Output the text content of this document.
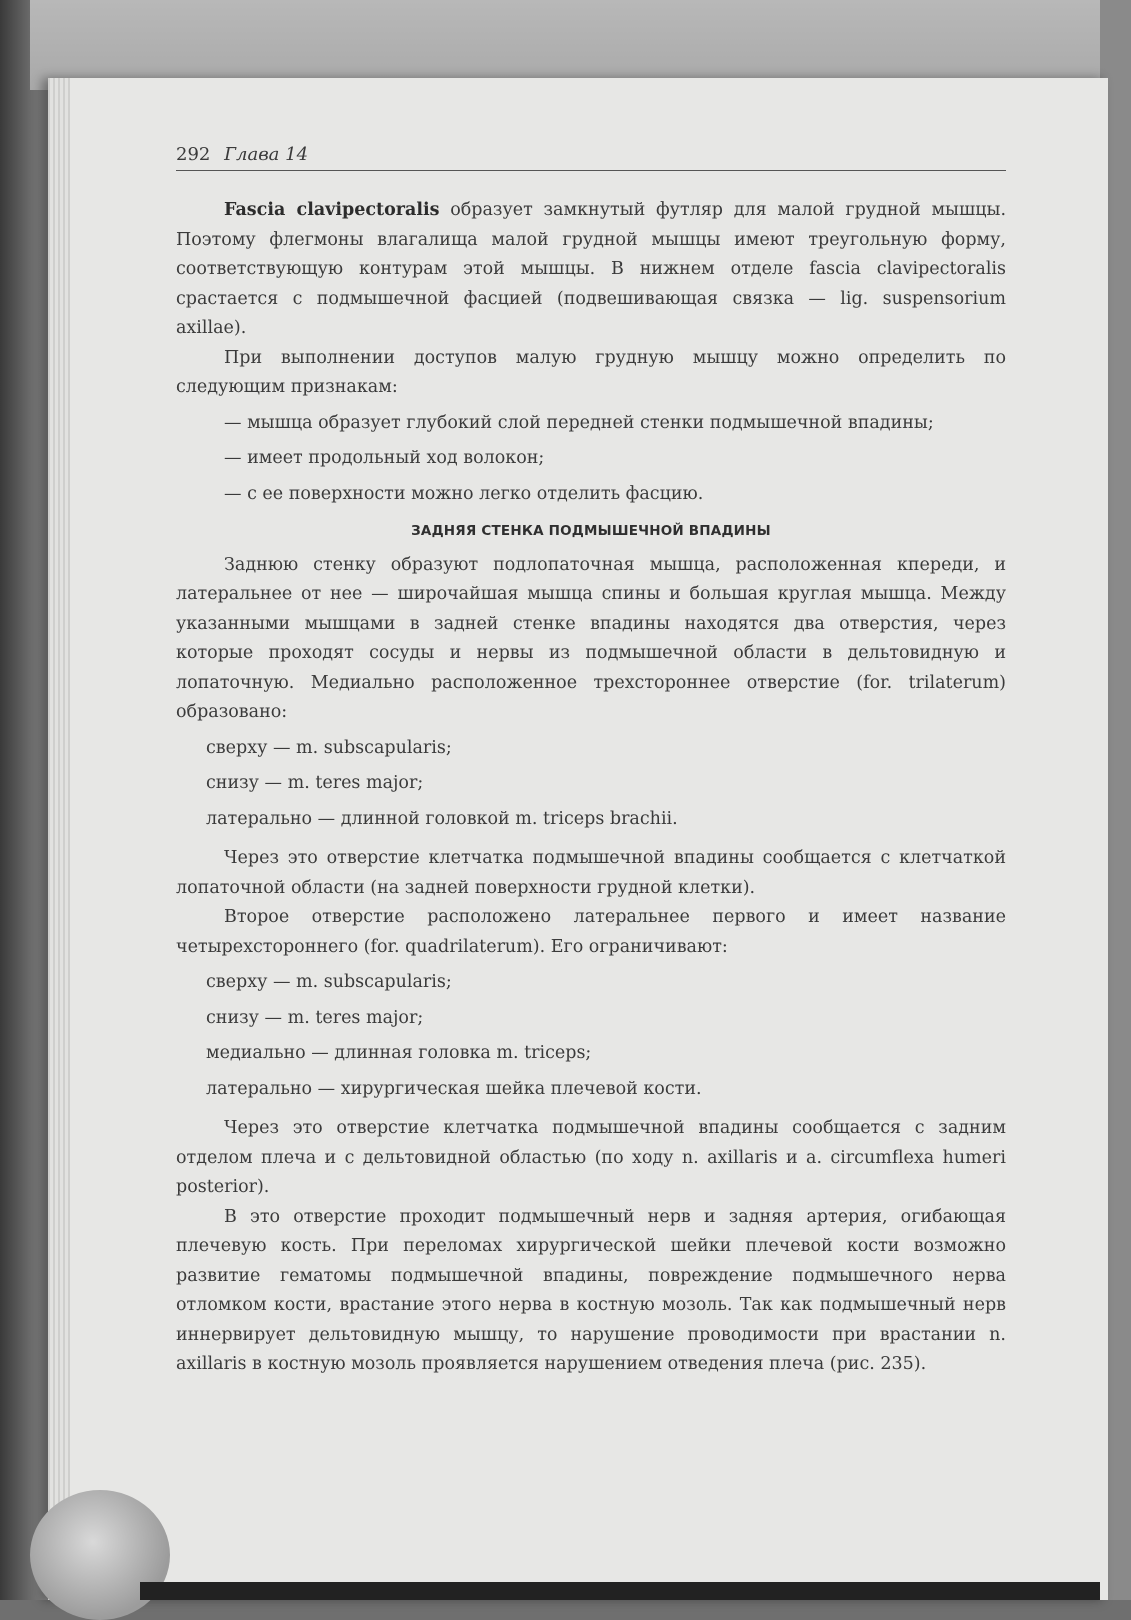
292 Глава 14

Fascia clavipectoralis образует замкнутый футляр для малой грудной мышцы. Поэтому флегмоны влагалища малой грудной мышцы имеют треугольную форму, соответствующую контурам этой мышцы. В нижнем отделе fascia clavipectoralis срастается с подмышечной фасцией (подвешивающая связка — lig. suspensorium axillae).

При выполнении доступов малую грудную мышцу можно определить по следующим признакам:

— мышца образует глубокий слой передней стенки подмышечной впадины;
— имеет продольный ход волокон;
— с ее поверхности можно легко отделить фасцию.
ЗАДНЯЯ СТЕНКА ПОДМЫШЕЧНОЙ ВПАДИНЫ

Заднюю стенку образуют подлопаточная мышца, расположенная кпереди, и латеральнее от нее — широчайшая мышца спины и большая круглая мышца. Между указанными мышцами в задней стенке впадины находятся два отверстия, через которые проходят сосуды и нервы из подмышечной области в дельтовидную и лопаточную. Медиально расположенное трехстороннее отверстие (for. trilaterum) образовано:

сверху — m. subscapularis;
снизу — m. teres major;
латерально — длинной головкой m. triceps brachii.

Через это отверстие клетчатка подмышечной впадины сообщается с клетчаткой лопаточной области (на задней поверхности грудной клетки).

Второе отверстие расположено латеральнее первого и имеет название четырехстороннего (for. quadrilaterum). Его ограничивают:

сверху — m. subscapularis;
снизу — m. teres major;
медиально — длинная головка m. triceps;
латерально — хирургическая шейка плечевой кости.

Через это отверстие клетчатка подмышечной впадины сообщается с задним отделом плеча и с дельтовидной областью (по ходу n. axillaris и a. circumflexa humeri posterior).

В это отверстие проходит подмышечный нерв и задняя артерия, огибающая плечевую кость. При переломах хирургической шейки плечевой кости возможно развитие гематомы подмышечной впадины, повреждение подмышечного нерва отломком кости, врастание этого нерва в костную мозоль. Так как подмышечный нерв иннервирует дельтовидную мышцу, то нарушение проводимости при врастании n. axillaris в костную мозоль проявляется нарушением отведения плеча (рис. 235).
